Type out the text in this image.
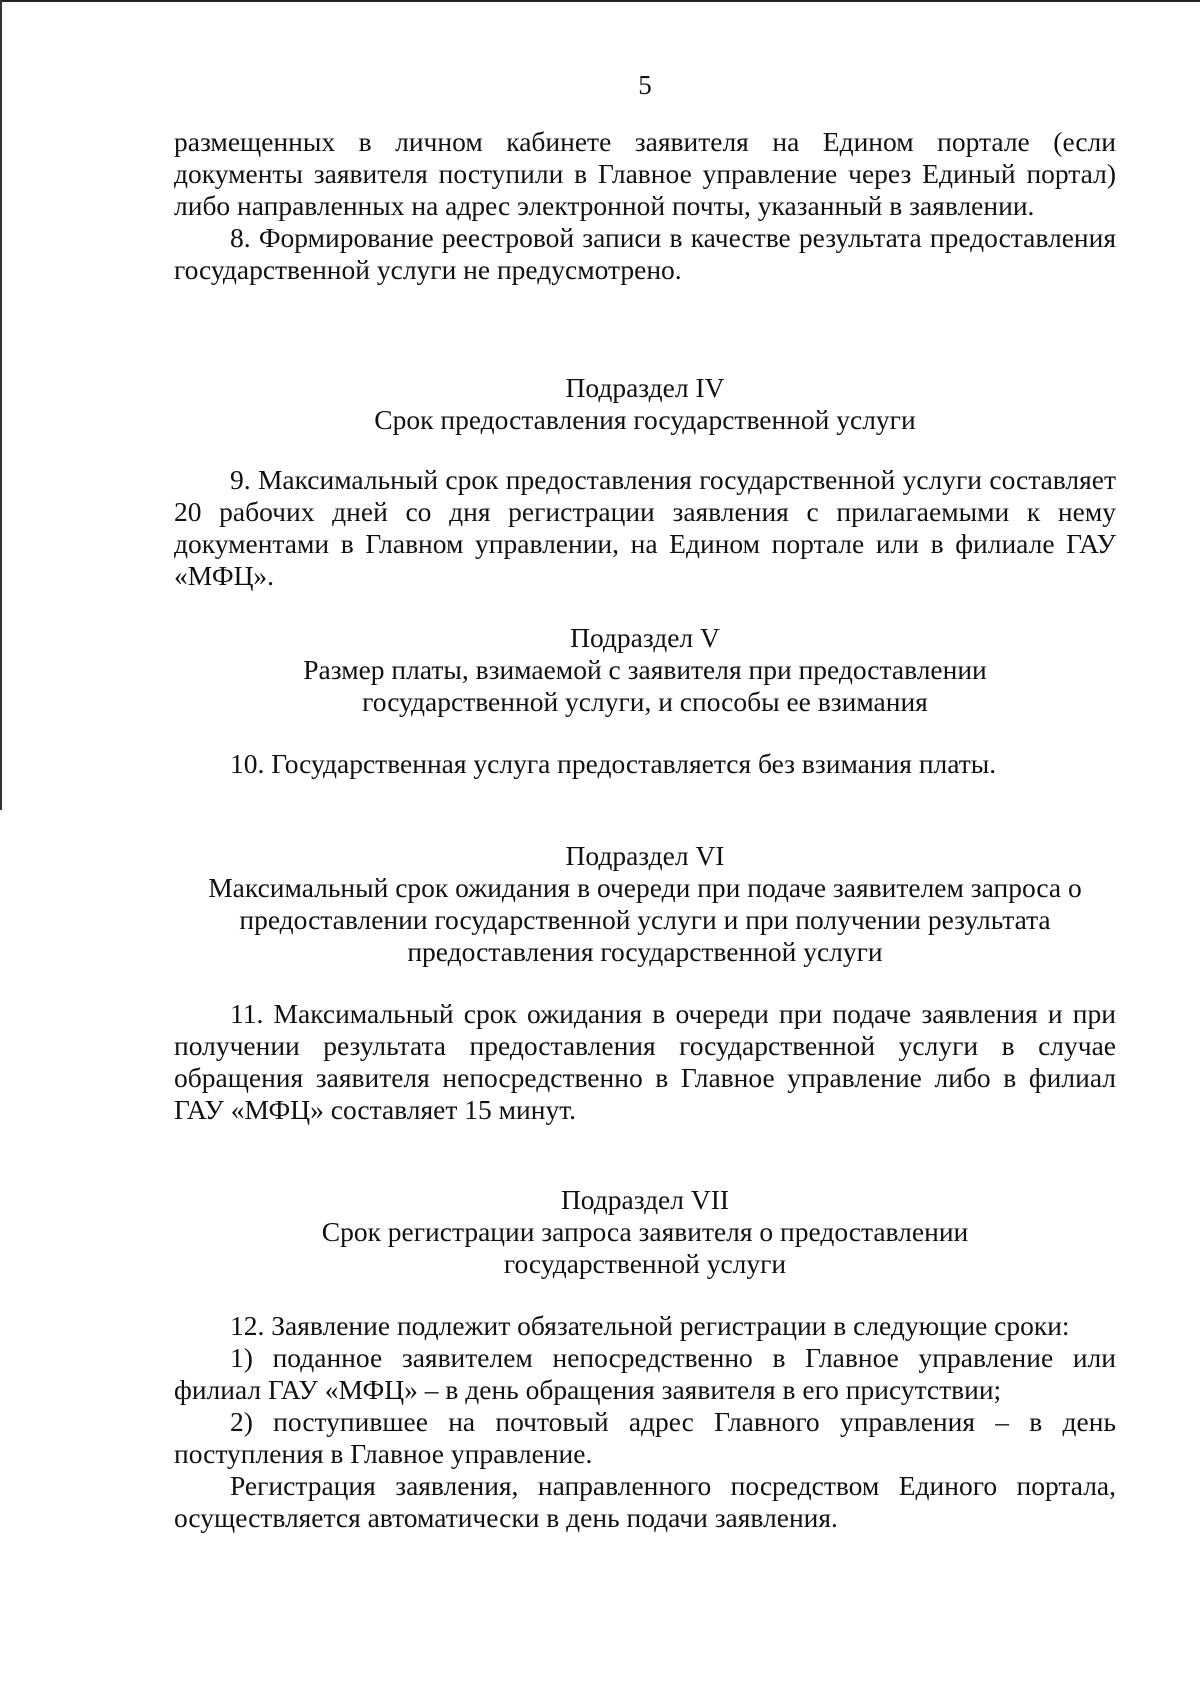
5

размещенных в личном кабинете заявителя на Едином портале (если документы заявителя поступили в Главное управление через Единый портал) либо направленных на адрес электронной почты, указанный в заявлении.

8. Формирование реестровой записи в качестве результата предоставления государственной услуги не предусмотрено.

Подраздел IV

Срок предоставления государственной услуги

9. Максимальный срок предоставления государственной услуги составляет 20 рабочих дней со дня регистрации заявления с прилагаемыми к нему документами в Главном управлении, на Едином портале или в филиале ГАУ «МФЦ».

Подраздел V

Размер платы, взимаемой с заявителя при предоставлении

государственной услуги, и способы ее взимания

10. Государственная услуга предоставляется без взимания платы.

Подраздел VI

Максимальный срок ожидания в очереди при подаче заявителем запроса о

предоставлении государственной услуги и при получении результата

предоставления государственной услуги

11. Максимальный срок ожидания в очереди при подаче заявления и при получении результата предоставления государственной услуги в случае обращения заявителя непосредственно в Главное управление либо в филиал ГАУ «МФЦ» составляет 15 минут.

Подраздел VII

Срок регистрации запроса заявителя о предоставлении

государственной услуги

12. Заявление подлежит обязательной регистрации в следующие сроки:

1) поданное заявителем непосредственно в Главное управление или филиал ГАУ «МФЦ» – в день обращения заявителя в его присутствии;

2) поступившее на почтовый адрес Главного управления – в день поступления в Главное управление.

Регистрация заявления, направленного посредством Единого портала, осуществляется автоматически в день подачи заявления.
